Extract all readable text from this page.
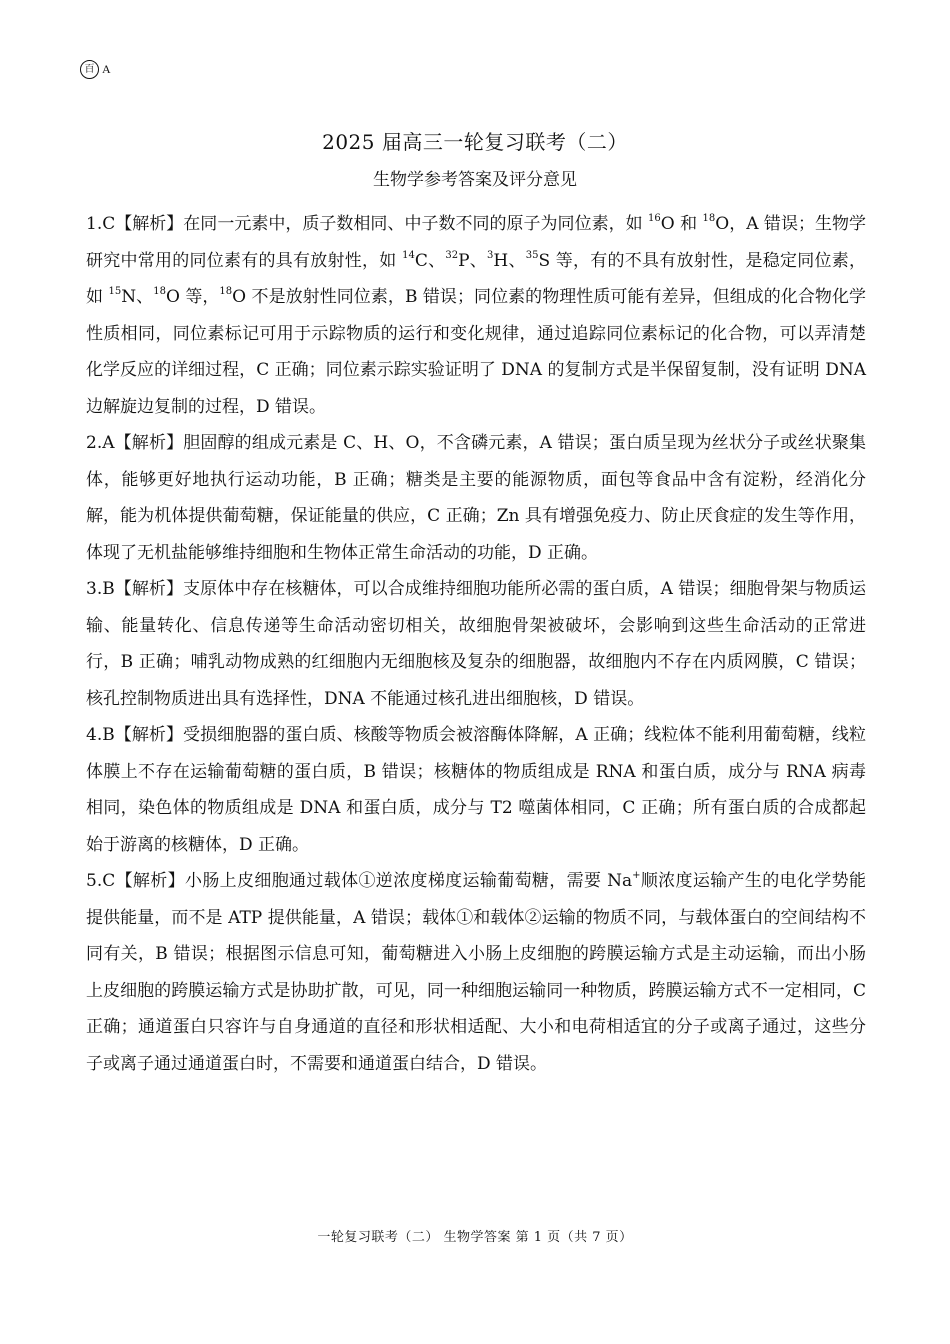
百 A
2025 届高三一轮复习联考（二）
生物学参考答案及评分意见

1.C【解析】在同一元素中，质子数相同、中子数不同的原子为同位素，如 $^{16}$O 和 $^{18}$O，A 错误；生物学研究中常用的同位素有的具有放射性，如 $^{14}$C、$^{32}$P、$^3$H、$^{35}$S 等，有的不具有放射性，是稳定同位素，如 $^{15}$N、$^{18}$O 等，$^{18}$O 不是放射性同位素，B 错误；同位素的物理性质可能有差异，但组成的化合物化学性质相同，同位素标记可用于示踪物质的运行和变化规律，通过追踪同位素标记的化合物，可以弄清楚化学反应的详细过程，C 正确；同位素示踪实验证明了 DNA 的复制方式是半保留复制，没有证明 DNA 边解旋边复制的过程，D 错误。

2.A【解析】胆固醇的组成元素是 C、H、O，不含磷元素，A 错误；蛋白质呈现为丝状分子或丝状聚集体，能够更好地执行运动功能，B 正确；糖类是主要的能源物质，面包等食品中含有淀粉，经消化分解，能为机体提供葡萄糖，保证能量的供应，C 正确；Zn 具有增强免疫力、防止厌食症的发生等作用，体现了无机盐能够维持细胞和生物体正常生命活动的功能，D 正确。

3.B【解析】支原体中存在核糖体，可以合成维持细胞功能所必需的蛋白质，A 错误；细胞骨架与物质运输、能量转化、信息传递等生命活动密切相关，故细胞骨架被破坏，会影响到这些生命活动的正常进行，B 正确；哺乳动物成熟的红细胞内无细胞核及复杂的细胞器，故细胞内不存在内质网膜，C 错误；核孔控制物质进出具有选择性，DNA 不能通过核孔进出细胞核，D 错误。

4.B【解析】受损细胞器的蛋白质、核酸等物质会被溶酶体降解，A 正确；线粒体不能利用葡萄糖，线粒体膜上不存在运输葡萄糖的蛋白质，B 错误；核糖体的物质组成是 RNA 和蛋白质，成分与 RNA 病毒相同，染色体的物质组成是 DNA 和蛋白质，成分与 T2 噬菌体相同，C 正确；所有蛋白质的合成都起始于游离的核糖体，D 正确。

5.C【解析】小肠上皮细胞通过载体①逆浓度梯度运输葡萄糖，需要 Na+顺浓度运输产生的电化学势能提供能量，而不是 ATP 提供能量，A 错误；载体①和载体②运输的物质不同，与载体蛋白的空间结构不同有关，B 错误；根据图示信息可知，葡萄糖进入小肠上皮细胞的跨膜运输方式是主动运输，而出小肠上皮细胞的跨膜运输方式是协助扩散，可见，同一种细胞运输同一种物质，跨膜运输方式不一定相同，C 正确；通道蛋白只容许与自身通道的直径和形状相适配、大小和电荷相适宜的分子或离子通过，这些分子或离子通过通道蛋白时，不需要和通道蛋白结合，D 错误。

一轮复习联考（二） 生物学答案 第 1 页（共 7 页）
